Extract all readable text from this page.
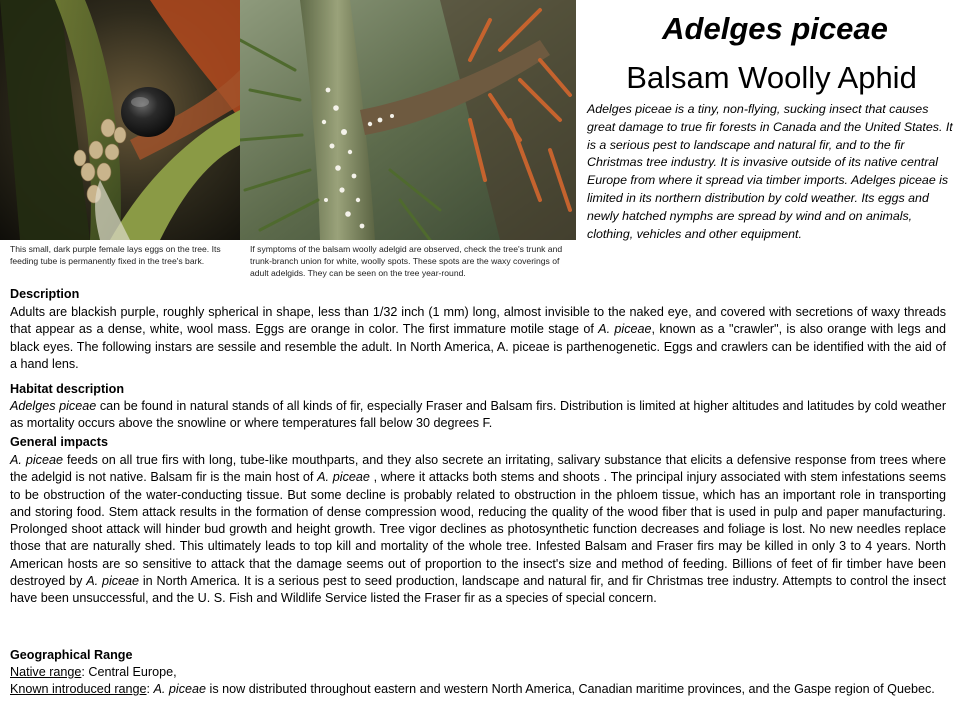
This small, dark purple female lays eggs on the tree. Its feeding tube is permanently fixed in the tree's bark.
If symptoms of the balsam woolly adelgid are observed, check the tree's trunk and trunk-branch union for white, woolly spots. These spots are the waxy coverings of adult adelgids. They can be seen on the tree year-round.
Adelges piceae
Balsam Woolly Aphid
Adelges piceae is a tiny, non-flying, sucking insect that causes great damage to true fir forests in Canada and the United States. It is a serious pest to landscape and natural fir, and to the fir Christmas tree industry. It is invasive outside of its native central Europe from where it spread via timber imports. Adelges piceae is limited in its northern distribution by cold weather. Its eggs and newly hatched nymphs are spread by wind and on animals, clothing, vehicles and other equipment.
Description
Adults are blackish purple, roughly spherical in shape, less than 1/32 inch (1 mm) long, almost invisible to the naked eye, and covered with secretions of waxy threads that appear as a dense, white, wool mass. Eggs are orange in color. The first immature motile stage of A. piceae, known as a "crawler", is also orange with legs and black eyes. The following instars are sessile and resemble the adult. In North America, A. piceae is parthenogenetic. Eggs and crawlers can be identified with the aid of a hand lens.
Habitat description
Adelges piceae can be found in natural stands of all kinds of fir, especially Fraser and Balsam firs. Distribution is limited at higher altitudes and latitudes by cold weather as mortality occurs above the snowline or where temperatures fall below 30 degrees F.
General impacts
A. piceae feeds on all true firs with long, tube-like mouthparts, and they also secrete an irritating, salivary substance that elicits a defensive response from trees where the adelgid is not native. Balsam fir is the main host of A. piceae , where it attacks both stems and shoots . The principal injury associated with stem infestations seems to be obstruction of the water-conducting tissue. But some decline is probably related to obstruction in the phloem tissue, which has an important role in transporting and storing food. Stem attack results in the formation of dense compression wood, reducing the quality of the wood fiber that is used in pulp and paper manufacturing. Prolonged shoot attack will hinder bud growth and height growth. Tree vigor declines as photosynthetic function decreases and foliage is lost. No new needles replace those that are naturally shed. This ultimately leads to top kill and mortality of the whole tree. Infested Balsam and Fraser firs may be killed in only 3 to 4 years. North American hosts are so sensitive to attack that the damage seems out of proportion to the insect's size and method of feeding. Billions of feet of fir timber have been destroyed by A. piceae in North America. It is a serious pest to seed production, landscape and natural fir, and fir Christmas tree industry. Attempts to control the insect have been unsuccessful, and the U. S. Fish and Wildlife Service listed the Fraser fir as a species of special concern.
Geographical Range
Native range: Central Europe,
Known introduced range: A. piceae is now distributed throughout eastern and western North America, Canadian maritime provinces, and the Gaspe region of Quebec.
